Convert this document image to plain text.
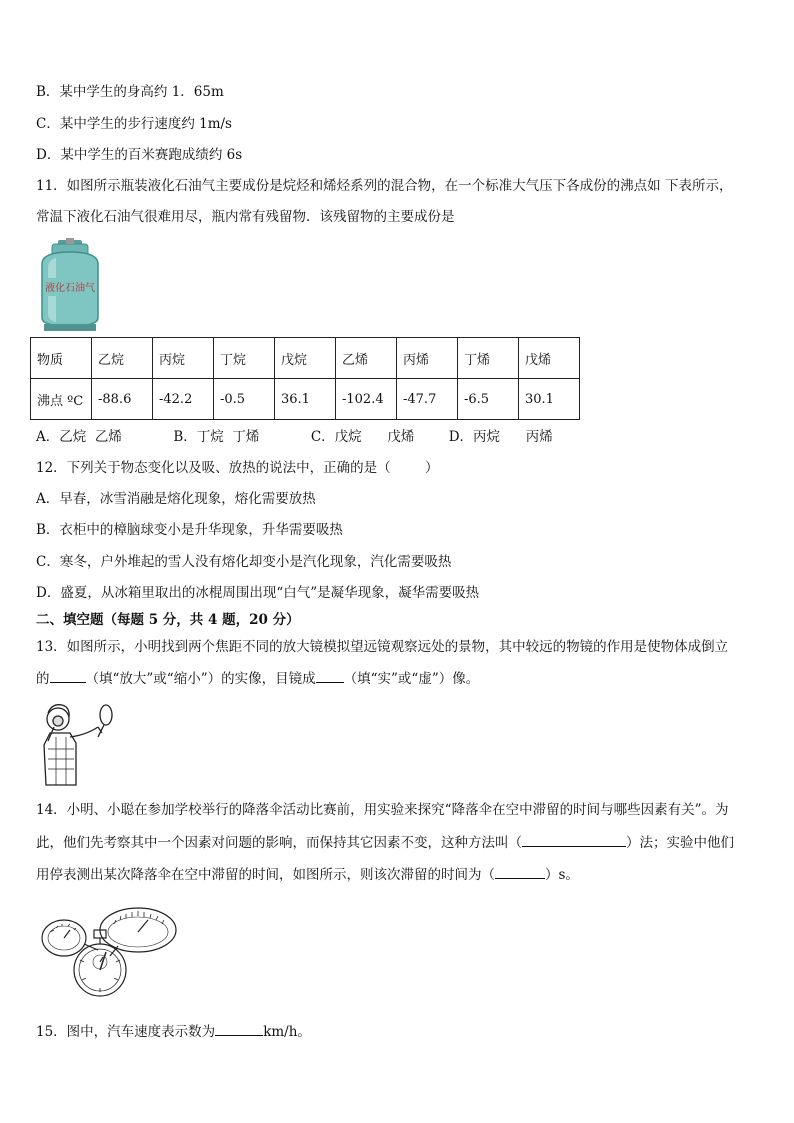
B．某中学生的身高约 1．65m
C．某中学生的步行速度约 1m/s
D．某中学生的百米赛跑成绩约 6s
11．如图所示瓶装液化石油气主要成份是烷烃和烯烃系列的混合物，在一个标准大气压下各成份的沸点如 下表所示，
常温下液化石油气很难用尽，瓶内常有残留物．该残留物的主要成份是
液化石油气
物质	乙烷	丙烷	丁烷	戊烷	乙烯	丙烯	丁烯	戊烯
沸点 ºC	-88.6	-42.2	-0.5	36.1	-102.4	-47.7	-6.5	30.1
A．乙烷  乙烯            B．丁烷  丁烯            C．戊烷      戊烯        D．丙烷      丙烯
12．下列关于物态变化以及吸、放热的说法中，正确的是（        ）
A．早春，冰雪消融是熔化现象，熔化需要放热
B．衣柜中的樟脑球变小是升华现象，升华需要吸热
C．寒冬，户外堆起的雪人没有熔化却变小是汽化现象，汽化需要吸热
D．盛夏，从冰箱里取出的冰棍周围出现“白气”是凝华现象，凝华需要吸热
二、填空题（每题 5 分，共 4 题，20 分）
13．如图所示，小明找到两个焦距不同的放大镜模拟望远镜观察远处的景物，其中较远的物镜的作用是使物体成倒立
的	（填“放大”或“缩小”）的实像，目镜成 （填“实”或“虚”）像。
14．小明、小聪在参加学校举行的降落伞活动比赛前，用实验来探究“降落伞在空中滞留的时间与哪些因素有关”。为
此，他们先考察其中一个因素对问题的影响，而保持其它因素不变，这种方法叫（	）法；实验中他们
用停表测出某次降落伞在空中滞留的时间，如图所示，则该次滞留的时间为（	）s。
15．图中，汽车速度表示数为	km/h。
